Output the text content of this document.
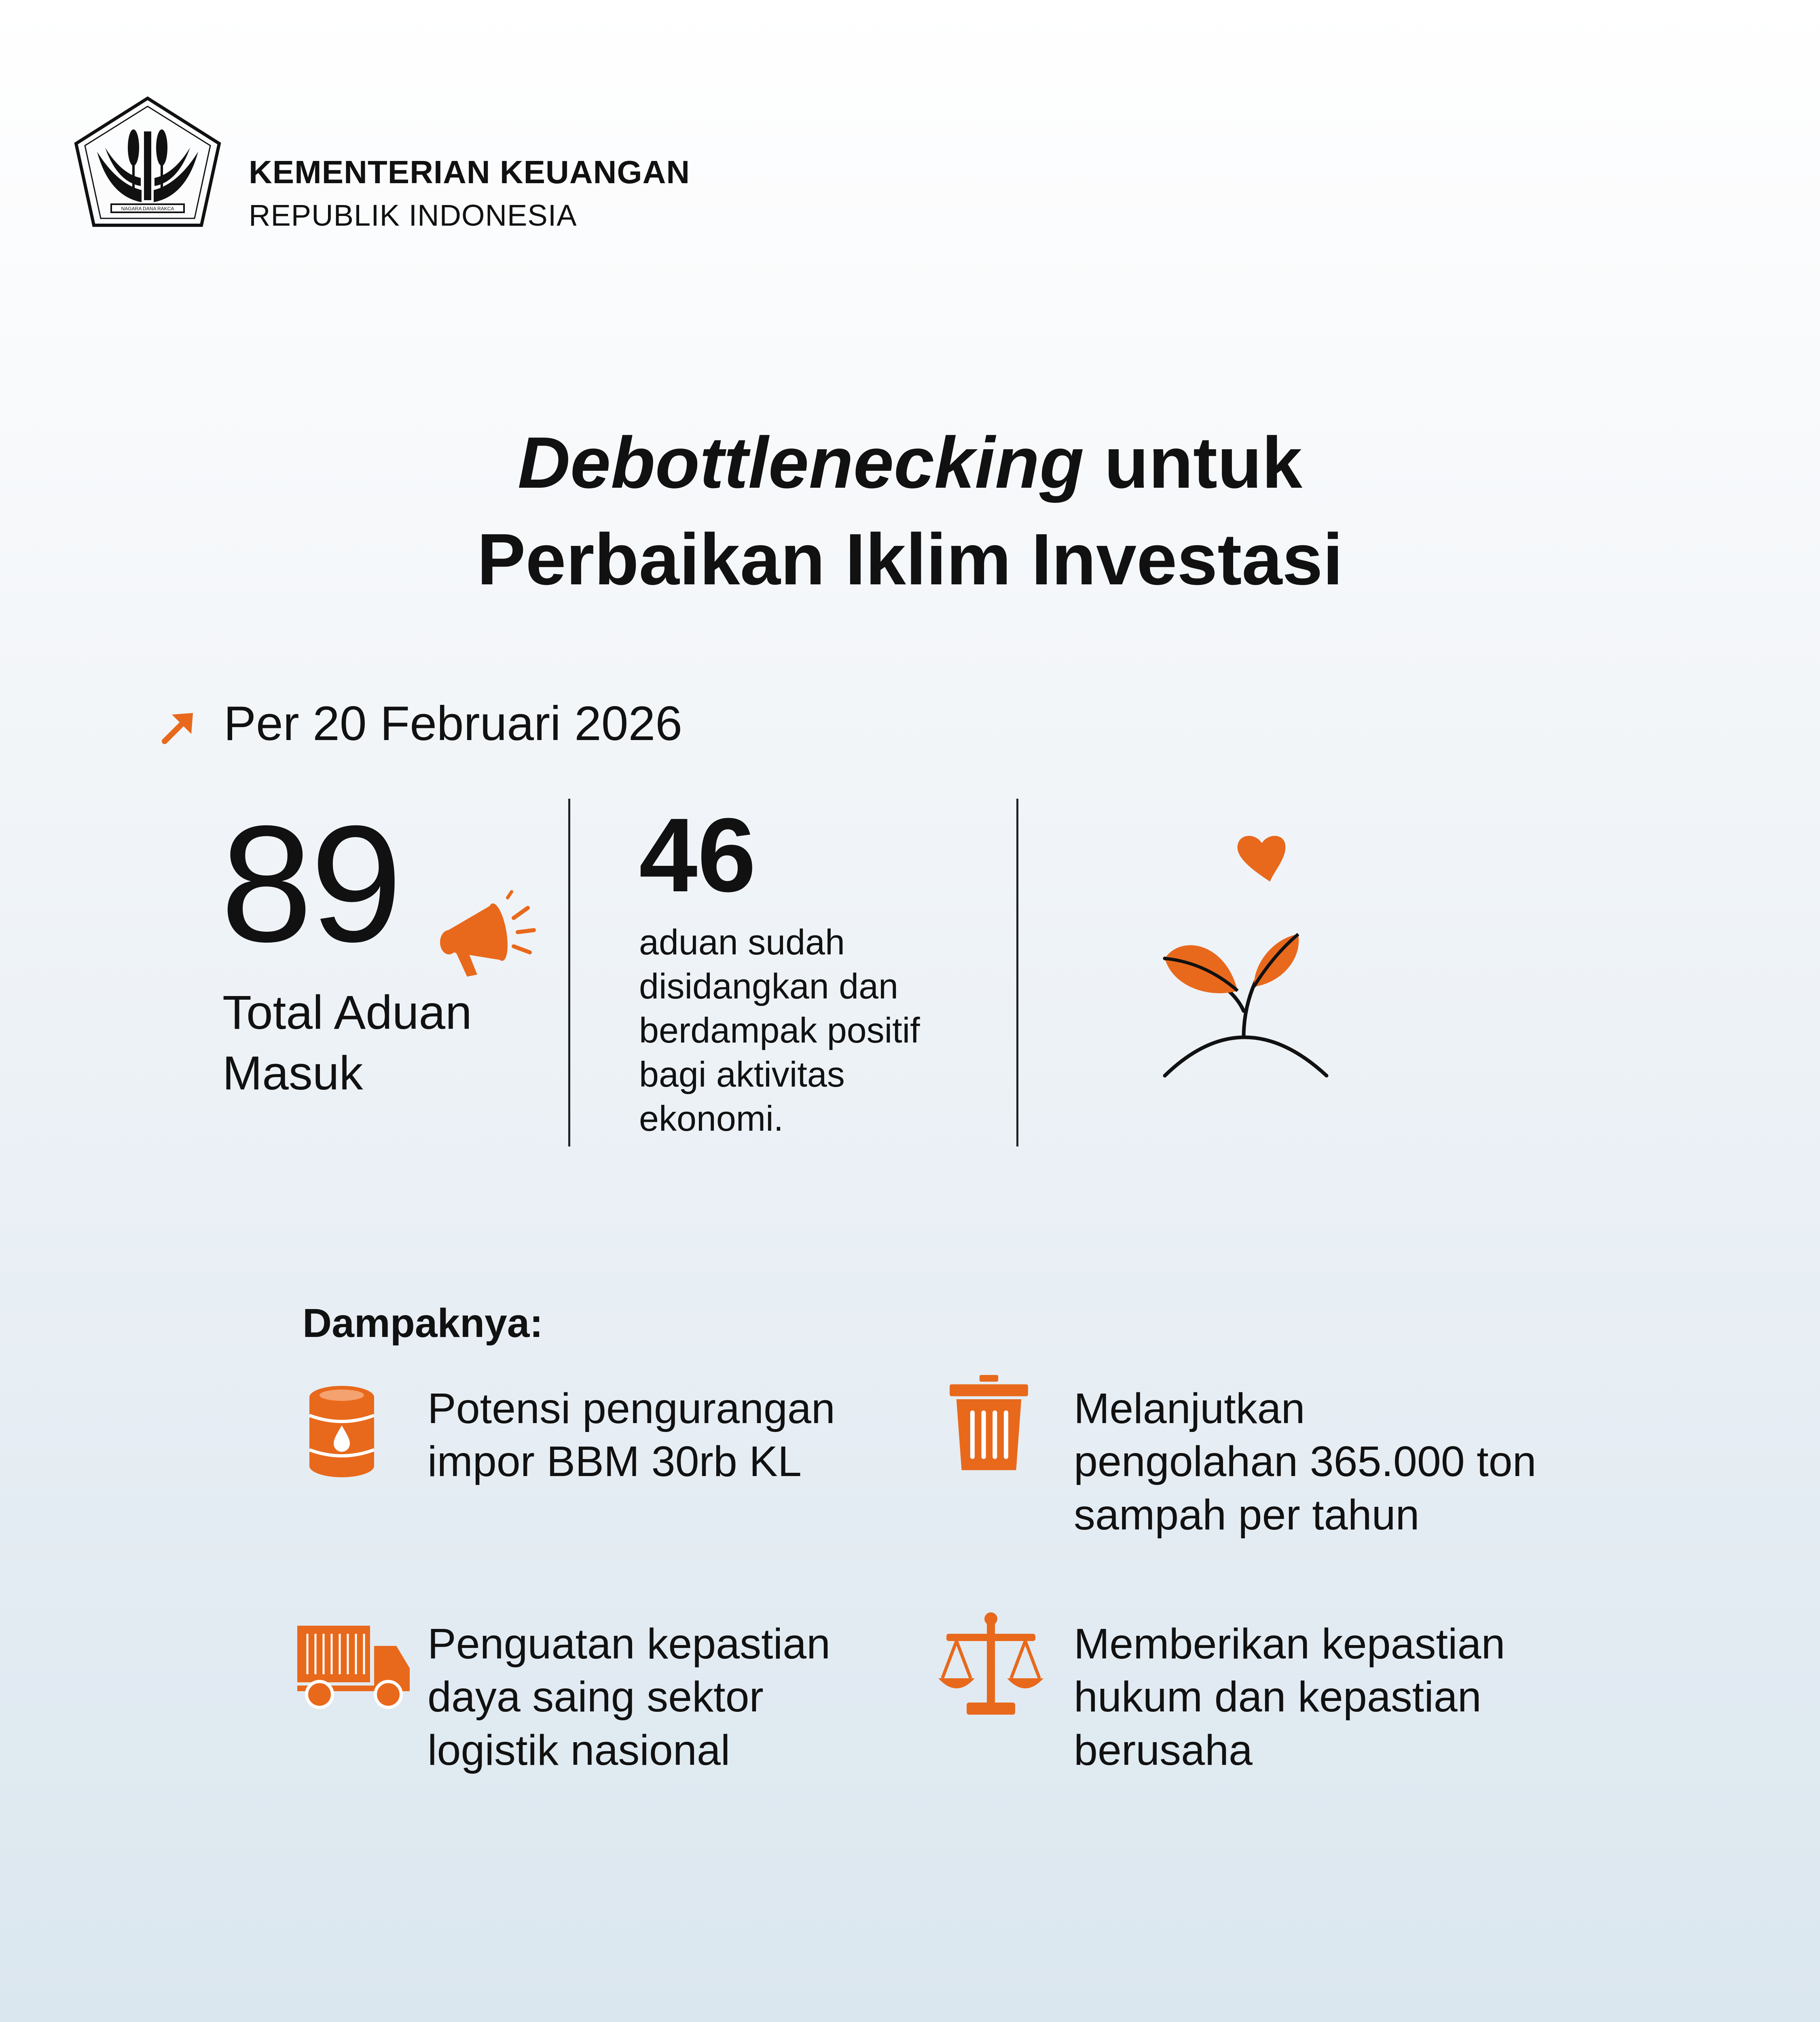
NAGARA DANA RAKCA
KEMENTERIAN KEUANGAN
REPUBLIK INDONESIA
Debottlenecking untuk
Perbaikan Iklim Investasi
Per 20 Februari 2026
89
Total Aduan
Masuk
46
aduan sudah
disidangkan dan
berdampak positif
bagi aktivitas
ekonomi.
Dampaknya:
Potensi pengurangan
impor BBM 30rb KL
Melanjutkan
pengolahan 365.000 ton
sampah per tahun
Penguatan kepastian
daya saing sektor
logistik nasional
Memberikan kepastian
hukum dan kepastian
berusaha
